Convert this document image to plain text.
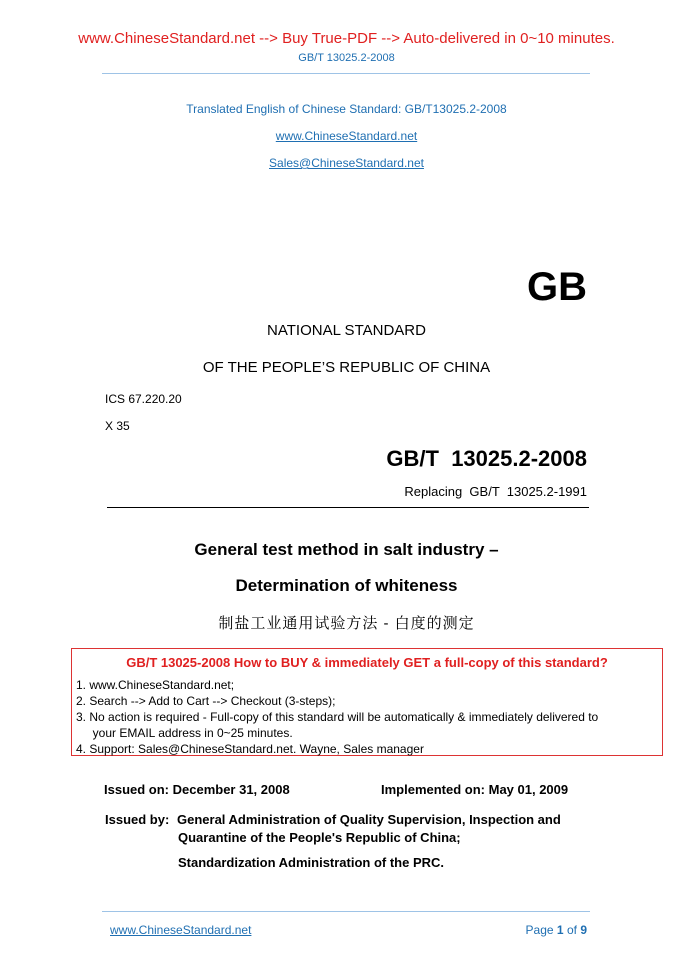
www.ChineseStandard.net --> Buy True-PDF --> Auto-delivered in 0~10 minutes.
GB/T 13025.2-2008
Translated English of Chinese Standard: GB/T13025.2-2008
www.ChineseStandard.net
Sales@ChineseStandard.net
GB
NATIONAL STANDARD
OF THE PEOPLE’S REPUBLIC OF CHINA
ICS 67.220.20
X 35
GB/T  13025.2-2008
Replacing  GB/T  13025.2-1991
General test method in salt industry –
Determination of whiteness
制盐工业通用试验方法 - 白度的测定
GB/T 13025-2008 How to BUY & immediately GET a full-copy of this standard?
1. www.ChineseStandard.net;
2. Search --> Add to Cart --> Checkout (3-steps);
3. No action is required - Full-copy of this standard will be automatically & immediately delivered to
your EMAIL address in 0~25 minutes.
4. Support: Sales@ChineseStandard.net. Wayne, Sales manager
Issued on: December 31, 2008	Implemented on: May 01, 2009
Issued by: General Administration of Quality Supervision, Inspection and
Quarantine of the People's Republic of China;
Standardization Administration of the PRC.
www.ChineseStandard.net	Page 1 of 9
